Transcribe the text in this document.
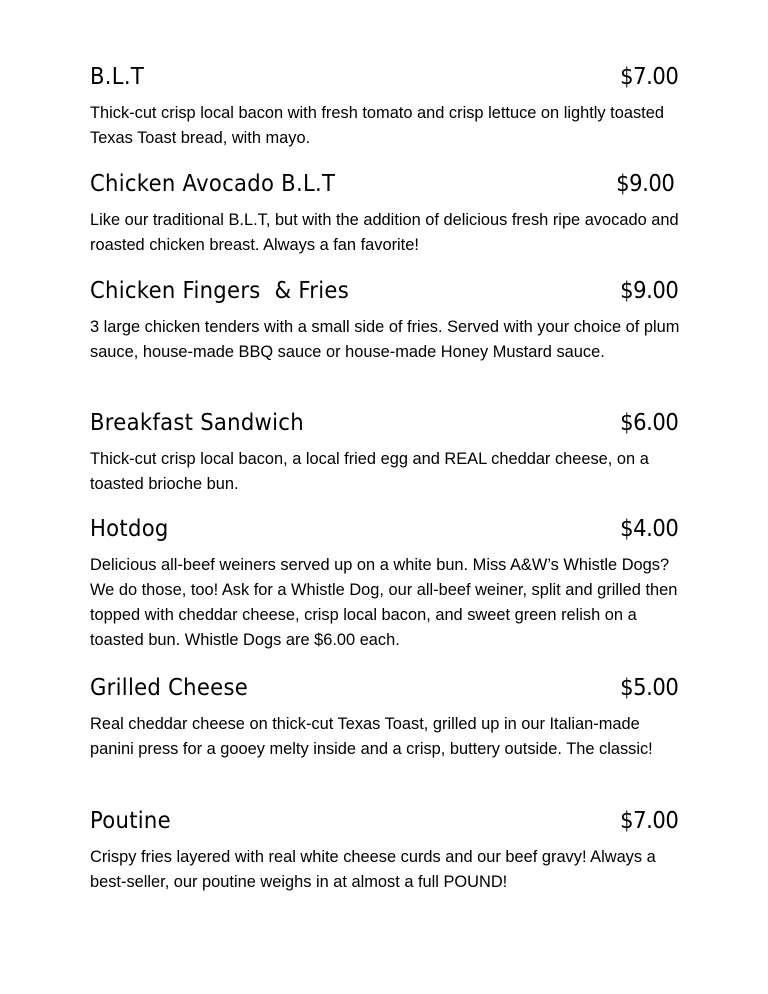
B.L.T	$7.00
Thick-cut crisp local bacon with fresh tomato and crisp lettuce on lightly toasted Texas Toast bread, with mayo.
Chicken Avocado B.L.T	$9.00
Like our traditional B.L.T, but with the addition of delicious fresh ripe avocado and roasted chicken breast. Always a fan favorite!
Chicken Fingers  & Fries	$9.00
3 large chicken tenders with a small side of fries. Served with your choice of plum sauce, house-made BBQ sauce or house-made Honey Mustard sauce.
Breakfast Sandwich	$6.00
Thick-cut crisp local bacon, a local fried egg and REAL cheddar cheese, on a toasted brioche bun.
Hotdog	$4.00
Delicious all-beef weiners served up on a white bun. Miss A&W’s Whistle Dogs? We do those, too! Ask for a Whistle Dog, our all-beef weiner, split and grilled then topped with cheddar cheese, crisp local bacon, and sweet green relish on a toasted bun. Whistle Dogs are $6.00 each.
Grilled Cheese	$5.00
Real cheddar cheese on thick-cut Texas Toast, grilled up in our Italian-made panini press for a gooey melty inside and a crisp, buttery outside. The classic!
Poutine	$7.00
Crispy fries layered with real white cheese curds and our beef gravy! Always a best-seller, our poutine weighs in at almost a full POUND!
